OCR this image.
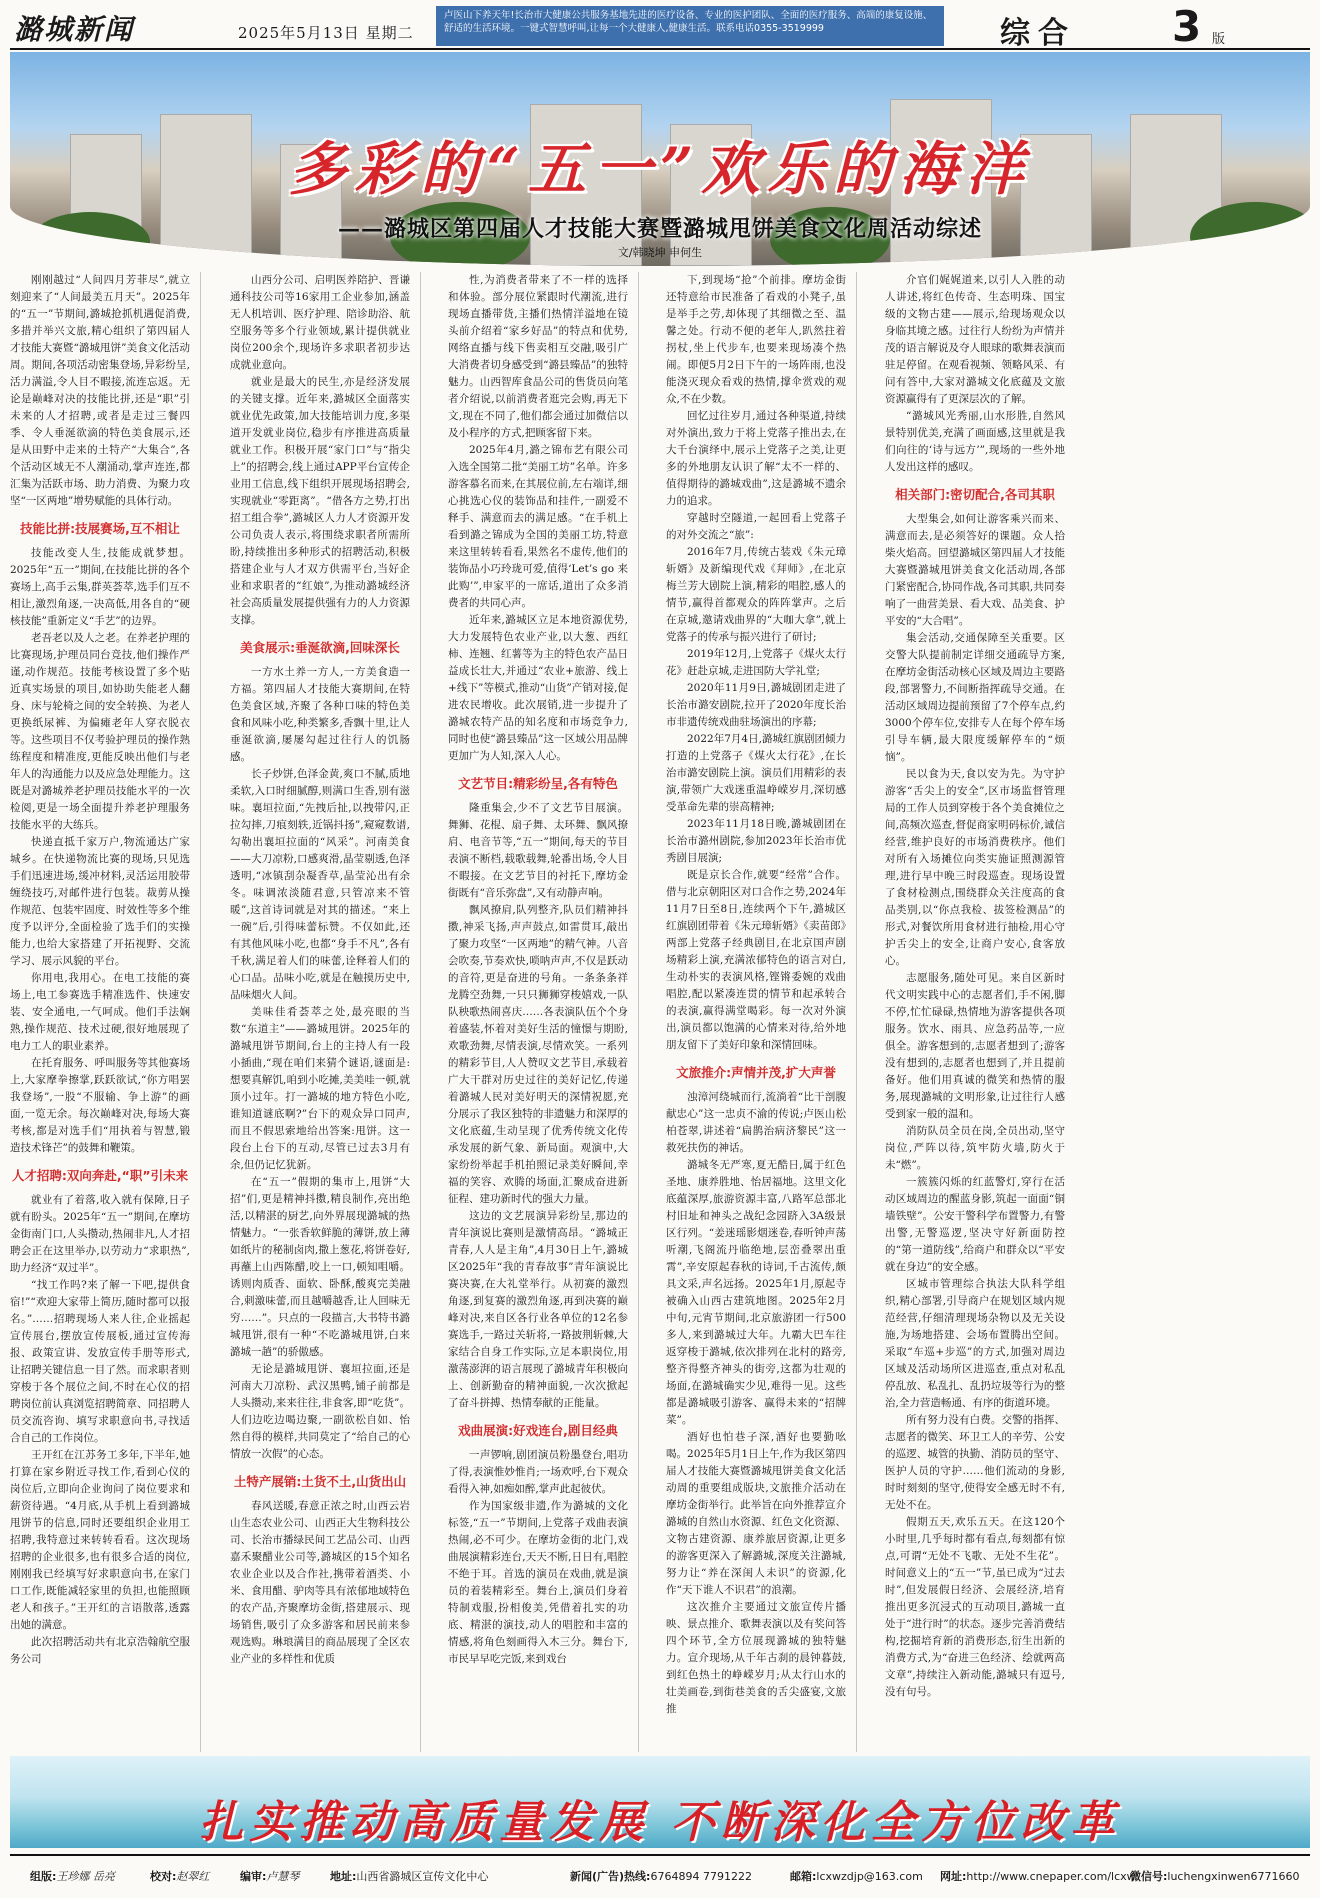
潞城新闻	2025年5月13日 星期二
卢医山下养天年!长治市大健康公共服务基地先进的医疗设备、专业的医护团队、全面的医疗服务、高端的康复设施、舒适的生活环境。一键式智慧呼叫,让每一个大健康人,健康生活。联系电话0355-3519999	综合 3 版
多彩的“五一”欢乐的海洋
——潞城区第四届人才技能大赛暨潞城甩饼美食文化周活动综述
文/韩晓坤 申何生

刚刚越过“人间四月芳菲尽”,就立刻迎来了“人间最美五月天”。2025年的“五一”节期间,潞城抢抓机遇促消费,多措并举兴文旅,精心组织了第四届人才技能大赛暨“潞城甩饼”美食文化活动周。期间,各项活动密集登场,异彩纷呈,活力满溢,令人目不暇接,流连忘返。无论是巅峰对决的技能比拼,还是“职”引未来的人才招聘,或者是走过三餐四季、令人垂涎欲滴的特色美食展示,还是从田野中走来的土特产“大集合”,各个活动区域无不人潮涌动,掌声连连,都汇集为活跃市场、助力消费、为聚力攻坚“一区两地”增势赋能的具体行动。

技能比拼:技展赛场,互不相让

技能改变人生,技能成就梦想。2025年“五一”期间,在技能比拼的各个赛场上,高手云集,群英荟萃,选手们互不相让,激烈角逐,一决高低,用各自的“硬核技能”重新定义“手艺”的边界。

老吾老以及人之老。在养老护理的比赛现场,护理员同台竞技,他们操作严谨,动作规范。技能考核设置了多个贴近真实场景的项目,如协助失能老人翻身、床与轮椅之间的安全转换、为老人更换纸尿裤、为偏瘫老年人穿衣脱衣等。这些项目不仅考验护理员的操作熟练程度和精准度,更能反映出他们与老年人的沟通能力以及应急处理能力。这既是对潞城养老护理员技能水平的一次检阅,更是一场全面提升养老护理服务技能水平的大练兵。

快递直抵千家万户,物流通达广家城乡。在快递物流比赛的现场,只见选手们迅速进场,缓冲材料,灵活运用胶带缠绕技巧,对邮件进行包装。裁剪从操作规范、包装牢固度、时效性等多个维度予以评分,全面检验了选手们的实操能力,也给大家搭建了开拓视野、交流学习、展示风貌的平台。

你用电,我用心。在电工技能的赛场上,电工参赛选手精准选件、快速安装、安全通电,一气呵成。他们手法娴熟,操作规范、技术过硬,很好地展现了电力工人的职业素养。

在托育服务、呼叫服务等其他赛场上,大家摩拳擦掌,跃跃欲试,“你方唱罢我登场”,一股“不服输、争上游”的画面,一览无余。每次巅峰对决,每场大赛考核,都是对选手们“用执着与智慧,锻造技术锋芒”的鼓舞和鞭策。

人才招聘:双向奔赴,“职”引未来

就业有了着落,收入就有保障,日子就有盼头。2025年“五一”期间,在摩坊金街南门口,人头攒动,热闹非凡,人才招聘会正在这里举办,以劳动力“求职热”,助力经济“双过半”。

“找工作吗?来了解一下吧,提供食宿!”“欢迎大家带上简历,随时都可以报名。”……招聘现场人来人往,企业摇起宣传展台,摆放宣传展板,通过宣传海报、政策宣讲、发放宣传手册等形式,让招聘关键信息一目了然。而求职者则穿梭于各个展位之间,不时在心仪的招聘岗位前认真浏览招聘简章、同招聘人员交流咨询、填写求职意向书,寻找适合自己的工作岗位。

王开红在江苏务工多年,下半年,她打算在家乡附近寻找工作,看到心仪的岗位后,立即向企业询问了岗位要求和薪资待遇。“4月底,从手机上看到潞城甩饼节的信息,同时还要组织企业用工招聘,我特意过来转转看看。这次现场招聘的企业很多,也有很多合适的岗位,刚刚我已经填写好求职意向书,在家门口工作,既能减轻家里的负担,也能照顾老人和孩子。”王开红的言语散落,透露出她的满意。

此次招聘活动共有北京浩翰航空服务公司

山西分公司、启明医养陪护、晋谦通科技公司等16家用工企业参加,涵盖无人机培训、医疗护理、陪诊助浴、航空服务等多个行业领域,累计提供就业岗位200余个,现场许多求职者初步达成就业意向。

就业是最大的民生,亦是经济发展的关键支撑。近年来,潞城区全面落实就业优先政策,加大技能培训力度,多渠道开发就业岗位,稳步有序推进高质量就业工作。积极开展“家门口”与“指尖上”的招聘会,线上通过APP平台宣传企业用工信息,线下组织开展现场招聘会,实现就业“零距离”。“借各方之势,打出招工组合拳”,潞城区人力人才资源开发公司负责人表示,将围绕求职者所需所盼,持续推出多种形式的招聘活动,积极搭建企业与人才双方供需平台,当好企业和求职者的“红娘”,为推动潞城经济社会高质量发展提供强有力的人力资源支撑。

美食展示:垂涎欲滴,回味深长

一方水土养一方人,一方美食造一方福。第四届人才技能大赛期间,在特色美食区域,齐聚了各种口味的特色美食和风味小吃,种类繁多,香飘十里,让人垂涎欲滴,屡屡勾起过往行人的饥肠感。

长子炒饼,色泽金黄,爽口不腻,质地柔软,入口时细腻醇,则满口生香,别有滋味。襄垣拉面,“先拽后扯,以拽带闪,正拉勾摔,刀痕刻轶,近锅抖扬”,窥窥数谱,勾勒出襄垣拉面的“风采”。河南美食——大刀凉粉,口感爽滑,晶莹剔透,色泽透明,“冰镇刮杂凝香草,晶莹沁出有余冬。味调浓淡随君意,只管凉来不管暖”,这首诗词就是对其的描述。“来上一碗”后,引得味蕾标赞。不仅如此,还有其他风味小吃,也都“身手不凡”,各有千秋,满足着人们的味蕾,诠释着人们的心口品。品味小吃,就是在触摸历史中,品味烟火人间。

美味佳肴荟萃之处,最亮眼的当数“东道主”——潞城甩饼。2025年的潞城甩饼节期间,台上的主持人有一段小插曲,“现在咱们来猜个谜语,谜面是:想要真解饥,咱到小吃摊,美美哇一顿,就顶小过年。打一潞城的地方特色小吃,谁知道谜底啊?”台下的观众异口同声,而且不假思索地给出答案:甩饼。这一段台上台下的互动,尽管已过去3月有余,但仍记忆犹新。

在“五一”假期的集市上,甩饼“大招”们,更是精神抖擞,精良制作,亮出绝活,以精湛的厨艺,向外界展现潞城的热情魅力。“一张香软鲜脆的薄饼,放上薄如纸片的秘制卤肉,撒上葱花,将饼卷好,再蘸上山西陈醋,咬上一口,顿知咀嚼。诱则肉质香、面软、卧酥,酸爽完美融合,刺激味蕾,而且越嚼越香,让人回味无穷……”。只点的一段描言,大书特书潞城甩饼,很有一种“不吃潞城甩饼,白来潞城一趟”的骄傲感。

无论是潞城甩饼、襄垣拉面,还是河南大刀凉粉、武汉黑鸭,铺子前都是人头攒动,来来往往,非食客,即“吃货”。人们边吃边喝边聚,一副欲松自如、怡然自得的模样,共同莫定了“给自己的心情放一次假”的心态。

土特产展销:土货不土,山货出山

春风送暖,春意正浓之时,山西云岩山生态农业公司、山西正大生物科技公司、长治市播绿民间工艺品公司、山西嘉禾聚醋业公司等,潞城区的15个知名农业企业以及合作社,携带着酒类、小米、食用醋、驴肉等具有浓郁地域特色的农产品,齐聚摩坊金街,搭建展示、现场销售,吸引了众多游客和居民前来参观选购。琳琅满目的商品展现了全区农业产业的多样性和优质

性,为消费者带来了不一样的选择和体验。部分展位紧跟时代潮流,进行现场直播带货,主播们热情洋溢地在镜头前介绍着“家乡好品”的特点和优势,网络直播与线下售卖相互交融,吸引广大消费者切身感受到“潞县臻品”的独特魅力。山西智库食品公司的售货员向笔者介绍说,以前消费者逛完会购,再无下文,现在不同了,他们都会通过加微信以及小程序的方式,把顾客留下来。

2025年4月,潞之锦布艺有限公司入选全国第二批“美丽工坊”名单。许多游客慕名而来,在其展位前,左右端详,细心挑选心仪的装饰品和挂件,一副爱不释手、满意而去的满足感。“在手机上看到潞之锦成为全国的美丽工坊,特意来这里转转看看,果然名不虚传,他们的装饰品小巧玲珑可爱,值得‘Let’s go 来此购’”,申家平的一席话,道出了众多消费者的共同心声。

近年来,潞城区立足本地资源优势,大力发展特色农业产业,以大葱、西红柿、连翘、红薯等为主的特色农产品日益成长壮大,并通过“农业+旅游、线上+线下”等模式,推动“山货”产销对接,促进农民增收。此次展销,进一步提升了潞城农特产品的知名度和市场竞争力,同时也使“潞县臻品”这一区域公用品牌更加广为人知,深入人心。

文艺节目:精彩纷呈,各有特色

隆重集会,少不了文艺节目展演。舞狮、花棍、扇子舞、太环舞、飘风撩肩、电音节等,“五一”期间,每天的节目表演不断档,载歌载舞,轮番出场,令人目不暇接。在文艺节目的衬托下,摩坊金街既有“音乐弥盘”,又有动静声响。

飘风撩肩,队列整齐,队员们精神抖擞,神采飞扬,声声鼓点,如雷贯耳,敲出了聚力攻坚“一区两地”的精气神。八音会吹奏,节奏欢快,唢呐声声,不仅是跃动的音符,更是奋进的号角。一条条条祥龙腾空劲舞,一只只狮狮穿梭嬉戏,一队队秧歌热闹喜庆……各表演队伍个个身着盛装,怀着对美好生活的憧憬与期盼,欢歌劲舞,尽情表演,尽情欢笑。一系列的精彩节目,人人赞叹文艺节目,承载着广大干群对历史过往的美好记忆,传递着潞城人民对美好明天的深情祝愿,充分展示了我区独特的非遗魅力和深厚的文化底蕴,生动呈现了优秀传统文化传承发展的新气象、新局面。观演中,大家纷纷举起手机拍照记录美好瞬间,幸福的笑容、欢腾的场面,汇聚成奋进新征程、建功新时代的强大力量。

这边的文艺展演异彩纷呈,那边的青年演说比赛则是激情高昂。“潞城正青春,人人是主角”,4月30日上午,潞城区2025年“我的青春故事”青年演说比赛决赛,在大礼堂举行。从初赛的激烈角逐,到复赛的激烈角逐,再到决赛的巅峰对决,来自区各行业各单位的12名参赛选手,一路过关斩将,一路披荆斩棘,大家结合自身工作实际,立足本职岗位,用激荡澎湃的语言展现了潞城青年积极向上、创新勤奋的精神面貌,一次次掀起了奋斗拼搏、热情奉献的正能量。

戏曲展演:好戏连台,剧目经典

一声锣响,剧团演员粉墨登台,唱功了得,表演惟妙惟肖;一场欢呼,台下观众看得入神,如痴如醉,掌声此起彼伏。

作为国家级非遗,作为潞城的文化标签,“五一”节期间,上党落子戏曲表演热闹,必不可少。在摩坊金街的北门,戏曲展演精彩连台,天天不断,日日有,唱腔不绝于耳。首选的演员在戏曲,就是演员的着装精彩至。舞台上,演员们身着特制戏服,扮相俊美,凭借着扎实的功底、精湛的演技,动人的唱腔和丰富的情感,将角色刻画得入木三分。舞台下,市民早早吃完饭,来到戏台

下,到现场“抢”个前排。摩坊金街还特意给市民准备了看戏的小凳子,虽是举手之劳,却体现了其细微之至、温馨之处。行动不便的老年人,趴然拄着拐杖,坐上代步车,也要来现场凑个热闹。即便5月2日下午的一场阵雨,也没能浇灭现众看戏的热情,撑伞赏戏的观众,不在少数。

回忆过往岁月,通过各种渠道,持续对外演出,致力于将上党落子推出去,在大千台演绎中,展示上党落子之美,让更多的外地朋友认识了解“太不一样的、值得期待的潞城戏曲”,这是潞城不遗余力的追求。

穿越时空隧道,一起回看上党落子的对外交流之“旅”:

2016年7月,传统古装戏《朱元璋斩婿》及新编现代戏《拜师》,在北京梅兰芳大剧院上演,精彩的唱腔,感人的情节,赢得首都观众的阵阵掌声。之后在京城,邀请戏曲界的“大咖大拿”,就上党落子的传承与振兴进行了研讨;

2019年12月,上党落子《煤火太行花》赶赴京城,走进国防大学礼堂;

2020年11月9日,潞城剧团走进了长治市潞安剧院,拉开了2020年度长治市非遗传统戏曲驻场演出的序幕;

2022年7月4日,潞城红旗剧团倾力打造的上党落子《煤火太行花》,在长治市潞安剧院上演。演员们用精彩的表演,带领广大戏迷重温峥嵘岁月,深切感受革命先辈的崇高精神;

2023年11月18日晚,潞城剧团在长治市潞州剧院,参加2023年长治市优秀剧目展演;

既是京长合作,就要“经常”合作。借与北京朝阳区对口合作之势,2024年11月7日至8日,连续两个下午,潞城区红旗剧团带着《朱元璋斩婿》《卖苗郎》两部上党落子经典剧目,在北京国声剧场精彩上演,充满浓郁特色的语言对白,生动朴实的表演风格,铿锵委婉的戏曲唱腔,配以紧凑连贯的情节和起承转合的表演,赢得满堂喝彩。每一次对外演出,演员都以饱满的心情来对待,给外地朋友留下了美好印象和深情回味。

文旅推介:声情并茂,扩大声誉

浊漳河绕城而行,流淌着“比干剖腹献忠心”这一忠贞不渝的传说;卢医山松柏苍翠,讲述着“扁鹊治病济黎民”这一救死扶伤的神话。

潞城冬无严寒,夏无酷日,属于红色圣地、康养胜地、怡居福地。这里文化底蕴深厚,旅游资源丰富,八路军总部北村旧址和神头之战纪念园跻入3A级景区行列。“姜迷瑶影烟迷卷,春听钟声荡听潮,飞阁流丹临绝地,层峦叠翠出重霄”,辛安原起春秋的诗词,千古流传,颇具文采,声名远扬。2025年1月,原起寺被确入山西古建筑地图。2025年2月中旬,元宵节期间,北京旅游团一行500多人,来到潞城过大年。九霸大巴车往返穿梭于潞城,依次排列在北村的路旁,整齐得整齐神头的街旁,这都为壮观的场面,在潞城确实少见,难得一见。这些都是潞城吸引游客、赢得未来的“招牌菜”。

酒好也怕巷子深,酒好也要勤吆喝。2025年5月1日上午,作为我区第四届人才技能大赛暨潞城甩饼美食文化活动周的重要组成版块,文旅推介活动在摩坊金街举行。此举旨在向外推荐宣介潞城的自然山水资源、红色文化资源、文物古建资源、康养旅居资源,让更多的游客更深入了解潞城,深度关注潞城,努力让“养在深闺人未识”的资源,化作“天下谁人不识君”的浪潮。

这次推介主要通过文旅宣传片播映、景点推介、歌舞表演以及有奖问答四个环节,全方位展现潞城的独特魅力。宣介现场,从千年古刹的晨钟暮鼓,到红色热土的峥嵘岁月;从太行山水的壮美画卷,到街巷美食的舌尖盛宴,文旅推

介官们娓娓道来,以引人入胜的动人讲述,将红色传奇、生态明珠、国宝级的文物古建——展示,给现场观众以身临其境之感。过往行人纷纷为声情并茂的语言解说及夺人眼球的歌舞表演而驻足停留。在观看视频、领略风采、有问有答中,大家对潞城文化底蕴及文旅资源赢得有了更深层次的了解。

“潞城风光秀丽,山水形胜,自然风景特别优美,充满了画面感,这里就是我们向往的‘诗与远方’”,现场的一些外地人发出这样的感叹。

相关部门:密切配合,各司其职

大型集会,如何让游客乘兴而来、满意而去,是必须答好的课题。众人拾柴火焰高。回望潞城区第四届人才技能大赛暨潞城甩饼美食文化活动周,各部门紧密配合,协同作战,各司其职,共同奏响了一曲营美景、看大戏、品美食、护平安的“大合唱”。

集会活动,交通保障至关重要。区交警大队提前制定详细交通疏导方案,在摩坊金街活动核心区域及周边主要路段,部署警力,不间断指挥疏导交通。在活动区域周边提前预留了7个停车点,约3000个停车位,安排专人在每个停车场引导车辆,最大限度缓解停车的“烦恼”。

民以食为天,食以安为先。为守护游客“舌尖上的安全”,区市场监督管理局的工作人员到穿梭于各个美食摊位之间,高频次巡查,督促商家明码标价,诚信经营,维护良好的市场消费秩序。他们对所有入场摊位向类实施证照测源管理,进行早中晚三时段巡查。现场设置了食材检测点,围绕群众关注度高的食品类别,以“你点我检、拔签检测品”的形式,对餐饮所用食材进行抽检,用心守护舌尖上的安全,让商户安心,食客放心。

志愿服务,随处可见。来自区新时代文明实践中心的志愿者们,手不闲,脚不停,忙忙碌碌,热情地为游客提供各项服务。饮水、雨具、应急药品等,一应俱全。游客想到的,志愿者想到了;游客没有想到的,志愿者也想到了,并且提前备好。他们用真诚的微笑和热情的服务,展现潞城的文明形象,让过往行人感受到家一般的温和。

消防队员全员在岗,全员出动,坚守岗位,严阵以待,筑牢防火墙,防火于未“燃”。

一簇簇闪烁的红蓝警灯,穿行在活动区域周边的醒蓝身影,筑起一面面“铜墙铁壁”。公安干警科学布置警力,有警出警,无警巡逻,坚决守好新面防控的“第一道防线”,给商户和群众以“平安就在身边”的安全感。

区城市管理综合执法大队科学组织,精心部署,引导商户在规划区域内规范经营,仔细清理现场杂物以及无关设施,为场地搭建、会场布置腾出空间。采取“车巡+步巡”的方式,加强对周边区域及活动场所区进巡查,重点对私乱停乱放、私乱扎、乱扔垃圾等行为的整治,全力营造畅通、有序的街道环境。

所有努力没有白费。交警的指挥、志愿者的微笑、环卫工人的辛劳、公安的巡逻、城管的执勤、消防员的坚守、医护人员的守护……他们流动的身影,时时刻刻的坚守,使得安全感无时不有,无处不在。

假期五天,欢乐五天。在这120个小时里,几乎每时都有看点,每刻都有惊点,可谓“无处不飞歌、无处不生花”。时间意义上的“五一”节,虽已成为“过去时”,但发展假日经济、会展经济,培育推出更多沉浸式的互动项目,潞城一直处于“进行时”的状态。逐步完善消费结构,挖掘培育新的消费形态,衍生出新的消费方式,为“奋进三色经济、绘就两高文章”,持续注入新动能,潞城只有逗号,没有句号。

扎实推动高质量发展 不断深化全方位改革
组版:王珍娜 岳亮	校对:赵翠红	编审:卢慧琴	地址:山西省潞城区宣传文化中心	新闻(广告)热线:6764894 7791222	邮箱:lcxwzdjp@163.com 网址:http://www.cnepaper.com/lcxw
微信号:luchengxinwen6771660
